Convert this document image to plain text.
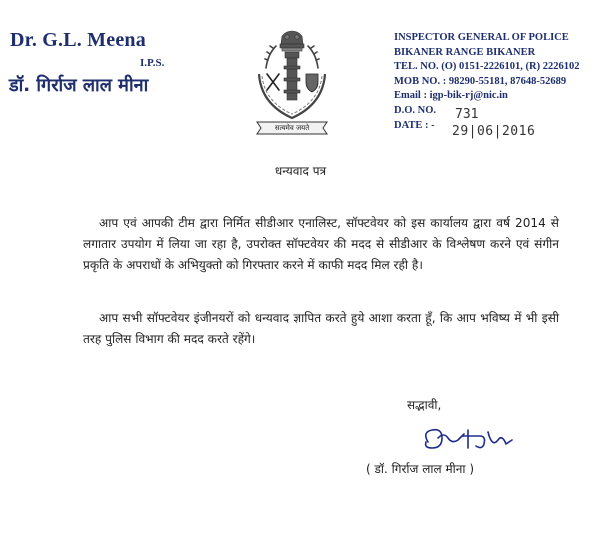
Dr. G.L. Meena
I.P.S.
डॉ. गिर्राज लाल मीना
सत्यमेव जयते
INSPECTOR GENERAL OF POLICE
BIKANER RANGE BIKANER
TEL. NO. (O) 0151-2226101, (R) 2226102
MOB NO. : 98290-55181, 87648-52689
Email : igp-bik-rj@nic.in
D.O. NO.
DATE : -
731
29|06|2016
धन्यवाद पत्र
आप एवं आपकी टीम द्वारा निर्मित सीडीआर एनालिस्ट, सॉफ्टवेयर को इस कार्यालय द्वारा वर्ष 2014 से लगातार उपयोग में लिया जा रहा है, उपरोक्त सॉफ्टवेयर की मदद से सीडीआर के विश्लेषण करने एवं संगीन प्रकृति के अपराधों के अभियुक्तो को गिरफ्तार करने में काफी मदद मिल रही है।
आप सभी सॉफ्टवेयर इंजीनयरों को धन्यवाद ज्ञापित करते हुये आशा करता हूँ, कि आप भविष्य में भी इसी तरह पुलिस विभाग की मदद करते रहेंगे।
सद्भावी,
( डॉ. गिर्राज लाल मीना )
